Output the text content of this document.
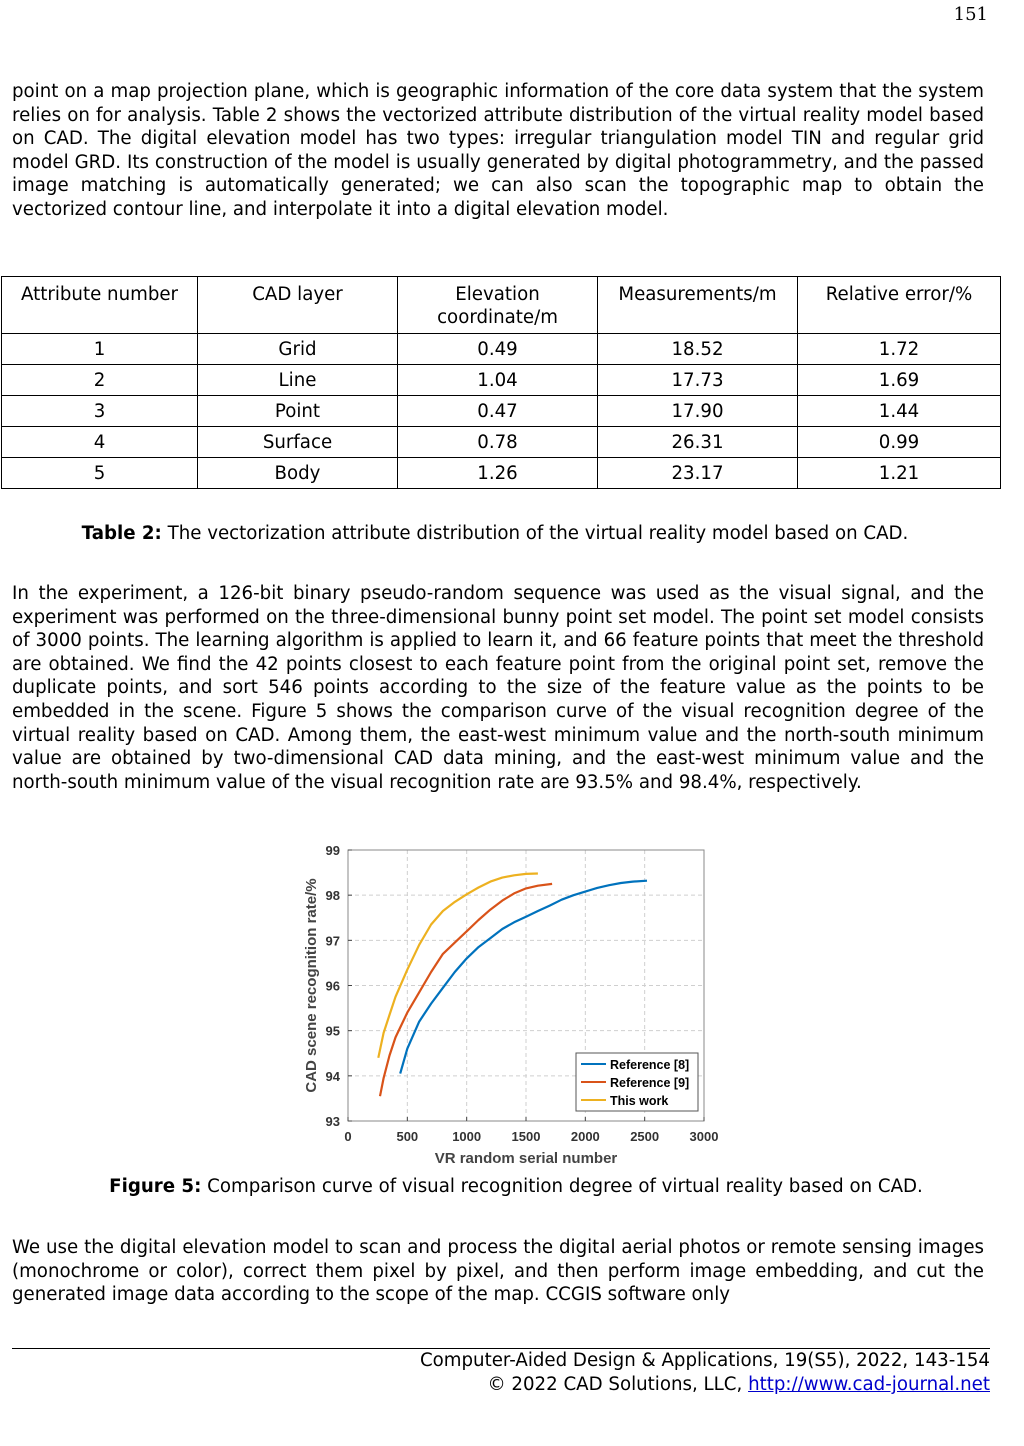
151

point on a map projection plane, which is geographic information of the core data system that the system relies on for analysis. Table 2 shows the vectorized attribute distribution of the virtual reality model based on CAD. The digital elevation model has two types: irregular triangulation model TIN and regular grid model GRD. Its construction of the model is usually generated by digital photogrammetry, and the passed image matching is automatically generated; we can also scan the topographic map to obtain the vectorized contour line, and interpolate it into a digital elevation model.

Attribute number	CAD layer	Elevation coordinate/m	Measurements/m	Relative error/%
1	Grid	0.49	18.52	1.72
2	Line	1.04	17.73	1.69
3	Point	0.47	17.90	1.44
4	Surface	0.78	26.31	0.99
5	Body	1.26	23.17	1.21

Table 2: The vectorization attribute distribution of the virtual reality model based on CAD.

In the experiment, a 126-bit binary pseudo-random sequence was used as the visual signal, and the experiment was performed on the three-dimensional bunny point set model. The point set model consists of 3000 points. The learning algorithm is applied to learn it, and 66 feature points that meet the threshold are obtained. We find the 42 points closest to each feature point from the original point set, remove the duplicate points, and sort 546 points according to the size of the feature value as the points to be embedded in the scene. Figure 5 shows the comparison curve of the visual recognition degree of the virtual reality based on CAD. Among them, the east-west minimum value and the north-south minimum value are obtained by two-dimensional CAD data mining, and the east-west minimum value and the north-south minimum value of the visual recognition rate are 93.5% and 98.4%, respectively.

0	500	1000 1500 2000 2500 3000
93
94
95
96
97
98
99
VR random serial number
CAD scene recognition rate/%	Reference [8]
Reference [9]
This work

Figure 5: Comparison curve of visual recognition degree of virtual reality based on CAD.

We use the digital elevation model to scan and process the digital aerial photos or remote sensing images (monochrome or color), correct them pixel by pixel, and then perform image embedding, and cut the generated image data according to the scope of the map. CCGIS software only

Computer-Aided Design & Applications, 19(S5), 2022, 143-154

© 2022 CAD Solutions, LLC, http://www.cad-journal.net
